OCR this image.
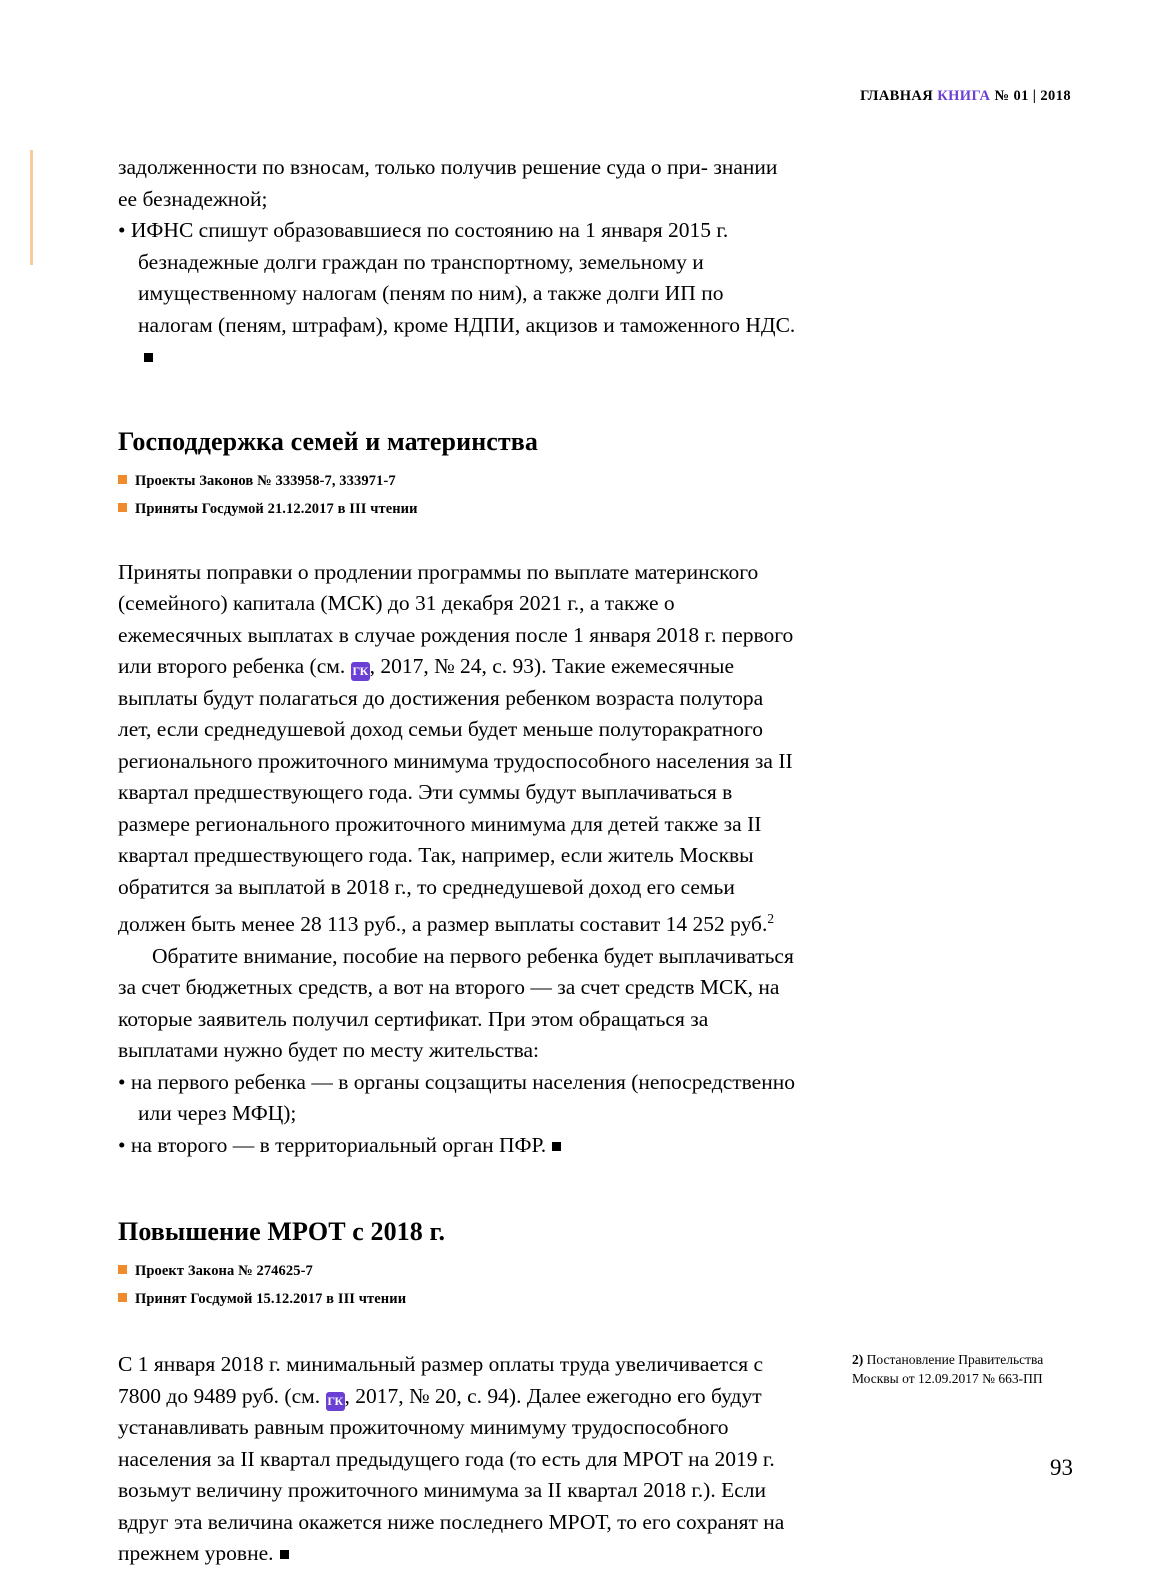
ГЛАВНАЯ КНИГА № 01 | 2018

задолженности по взносам, только получив решение суда о при- знании ее безнадежной;

• ИФНС спишут образовавшиеся по состоянию на 1 января 2015 г. безнадежные долги граждан по транспортному, земельному и имущественному налогам (пеням по ним), а также долги ИП по налогам (пеням, штрафам), кроме НДПИ, акцизов и таможенного НДС.
Господдержка семей и материнства

Проекты Законов № 333958-7, 333971-7

Приняты Госдумой 21.12.2017 в III чтении

Приняты поправки о продлении программы по выплате материнского (семейного) капитала (МСК) до 31 декабря 2021 г., а также о ежемесячных выплатах в случае рождения после 1 января 2018 г. первого или второго ребенка (см. ГК, 2017, № 24, с. 93). Такие ежемесячные выплаты будут полагаться до достижения ребенком возраста полутора лет, если среднедушевой доход семьи будет меньше полуторакратного регионального прожиточного минимума трудоспособного населения за II квартал предшествующего года. Эти суммы будут выплачиваться в размере регионального прожиточного минимума для детей также за II квартал предшествующего года. Так, например, если житель Москвы обратится за выплатой в 2018 г., то среднедушевой доход его семьи должен быть менее 28 113 руб., а размер выплаты составит 14 252 руб.$^2$

Обратите внимание, пособие на первого ребенка будет выплачиваться за счет бюджетных средств, а вот на второго — за счет средств МСК, на которые заявитель получил сертификат. При этом обращаться за выплатами нужно будет по месту жительства:

• на первого ребенка — в органы соцзащиты населения (непосредственно или через МФЦ);
• на второго — в территориальный орган ПФР.
Повышение МРОТ с 2018 г.

Проект Закона № 274625-7

Принят Госдумой 15.12.2017 в III чтении

С 1 января 2018 г. минимальный размер оплаты труда увеличивается с 7800 до 9489 руб. (см. ГК, 2017, № 20, с. 94). Далее ежегодно его будут устанавливать равным прожиточному минимуму трудоспособного населения за II квартал предыдущего года (то есть для МРОТ на 2019 г. возьмут величину прожиточного минимума за II квартал 2018 г.). Если вдруг эта величина окажется ниже последнего МРОТ, то его сохранят на прежнем уровне.

2) Постановление Правительства Москвы от 12.09.2017 № 663-ПП
93
